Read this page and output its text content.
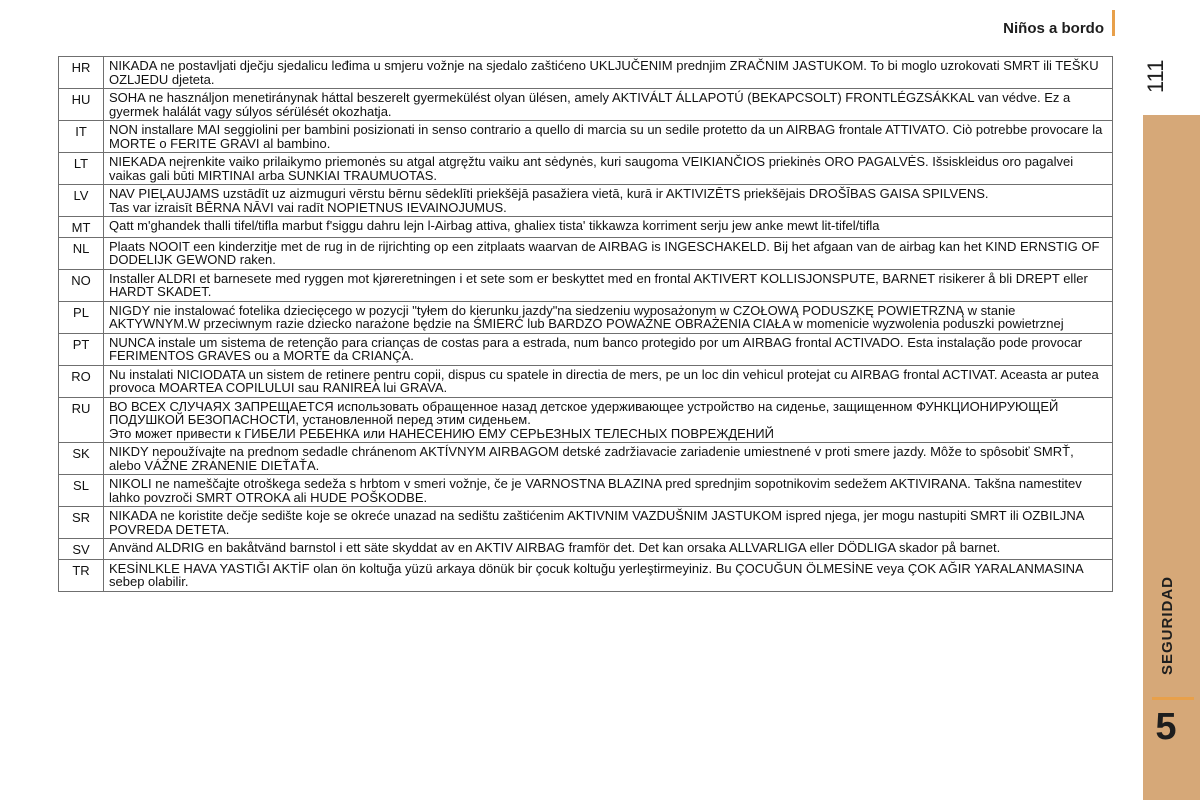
Niños a bordo
111
SEGURIDAD
5
HR	NIKADA ne postavljati dječju sjedalicu leđima u smjeru vožnje na sjedalo zaštićeno UKLJUČENIM prednjim ZRAČNIM JASTUKOM. To bi moglo uzrokovati SMRT ili TEŠKU OZLJEDU djeteta.
HU	SOHA ne használjon menetiránynak háttal beszerelt gyermekülést olyan ülésen, amely AKTIVÁLT ÁLLAPOTÚ (BEKAPCSOLT) FRONTLÉGZSÁKKAL van védve. Ez a gyermek halálát vagy súlyos sérülését okozhatja.
IT	NON installare MAI seggiolini per bambini posizionati in senso contrario a quello di marcia su un sedile protetto da un AIRBAG frontale ATTIVATO. Ciò potrebbe provocare la MORTE o FERITE GRAVI al bambino.
LT	NIEKADA neįrenkite vaiko prilaikymo priemonės su atgal atgręžtu vaiku ant sėdynės, kuri saugoma VEIKIANČIOS priekinės ORO PAGALVĖS. Išsiskleidus oro pagalvei vaikas gali būti MIRTINAI arba SUNKIAI TRAUMUOTAS.
LV	NAV PIEĻAUJAMS uzstādīt uz aizmuguri vērstu bērnu sēdeklīti priekšējā pasažiera vietā, kurā ir AKTIVIZĒTS priekšējais DROŠĪBAS GAISA SPILVENS.
Tas var izraisīt BĒRNA NĀVI vai radīt NOPIETNUS IEVAINOJUMUS.
MT	Qatt m'ghandek thalli tifel/tifla marbut f'siggu dahru lejn l-Airbag attiva, ghaliex tista' tikkawza korriment serju jew anke mewt lit-tifel/tifla
NL	Plaats NOOIT een kinderzitje met de rug in de rijrichting op een zitplaats waarvan de AIRBAG is INGESCHAKELD. Bij het afgaan van de airbag kan het KIND ERNSTIG OF DODELIJK GEWOND raken.
NO	Installer ALDRI et barnesete med ryggen mot kjøreretningen i et sete som er beskyttet med en frontal AKTIVERT KOLLISJONSPUTE, BARNET risikerer å bli DREPT eller HARDT SKADET.
PL	NIGDY nie instalować fotelika dziecięcego w pozycji "tyłem do kierunku jazdy"na siedzeniu wyposażonym w CZOŁOWĄ PODUSZKĘ POWIETRZNĄ w stanie AKTYWNYM.W przeciwnym razie dziecko narażone będzie na ŚMIERĆ lub BARDZO POWAŻNE OBRAŻENIA CIAŁA w momenicie wyzwolenia poduszki powietrznej
PT	NUNCA instale um sistema de retenção para crianças de costas para a estrada, num banco protegido por um AIRBAG frontal ACTIVADO. Esta instalação pode provocar FERIMENTOS GRAVES ou a MORTE da CRIANÇA.
RO	Nu instalati NICIODATA un sistem de retinere pentru copii, dispus cu spatele in directia de mers, pe un loc din vehicul protejat cu AIRBAG frontal ACTIVAT. Aceasta ar putea provoca MOARTEA COPILULUI sau RANIREA lui GRAVA.
RU	ВО ВСЕХ СЛУЧАЯХ ЗАПРЕЩАЕТСЯ использовать обращенное назад детское удерживающее устройство на сиденье, защищенном ФУНКЦИОНИРУЮЩЕЙ ПОДУШКОЙ БЕЗОПАСНОСТИ, установленной перед этим сиденьем.
Это может привести к ГИБЕЛИ РЕБЕНКА или НАНЕСЕНИЮ ЕМУ СЕРЬЕЗНЫХ ТЕЛЕСНЫХ ПОВРЕЖДЕНИЙ
SK	NIKDY nepoužívajte na prednom sedadle chránenom AKTÍVNYM AIRBAGOM detské zadržiavacie zariadenie umiestnené v proti smere jazdy. Môže to spôsobiť SMRŤ, alebo VÁŽNE ZRANENIE DIEŤAŤA.
SL	NIKOLI ne nameščajte otroškega sedeža s hrbtom v smeri vožnje, če je VARNOSTNA BLAZINA pred sprednjim sopotnikovim sedežem AKTIVIRANA. Takšna namestitev lahko povzroči SMRT OTROKA ali HUDE POŠKODBE.
SR	NIKADA ne koristite dečje sedište koje se okreće unazad na sedištu zaštićenim AKTIVNIM VAZDUŠNIM JASTUKOM ispred njega, jer mogu nastupiti SMRT ili OZBILJNA POVREDA DETETA.
SV	Använd ALDRIG en bakåtvänd barnstol i ett säte skyddat av en AKTIV AIRBAG framför det. Det kan orsaka ALLVARLIGA eller DÖDLIGA skador på barnet.
TR	KESİNLKLE HAVA YASTIĞI AKTİF olan ön koltuğa yüzü arkaya dönük bir çocuk koltuğu yerleştirmeyiniz. Bu ÇOCUĞUN ÖLMESİNE veya ÇOK AĞIR YARALANMASINA sebep olabilir.
